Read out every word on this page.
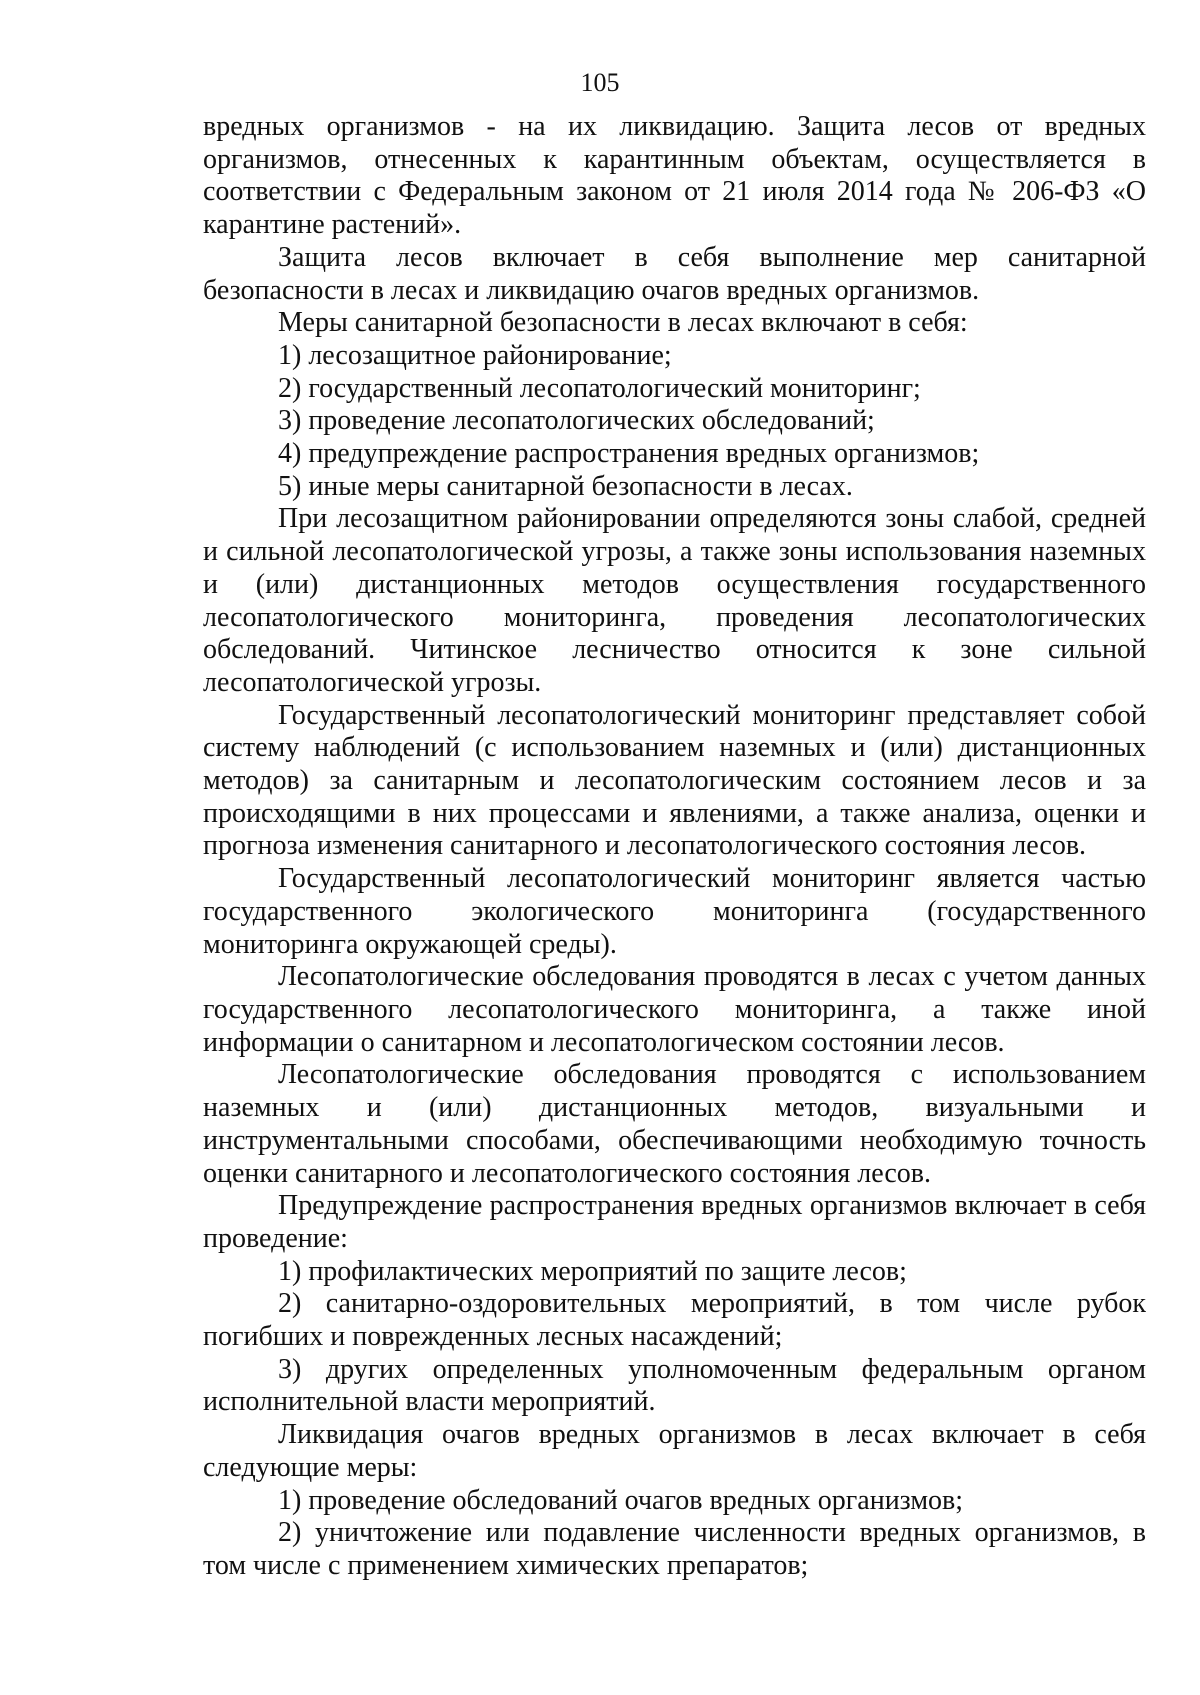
105

вредных организмов - на их ликвидацию. Защита лесов от вредных организмов, отнесенных к карантинным объектам, осуществляется в соответствии с Федеральным законом от 21 июля 2014 года № 206-ФЗ «О карантине растений».

Защита лесов включает в себя выполнение мер санитарной безопасности в лесах и ликвидацию очагов вредных организмов.

Меры санитарной безопасности в лесах включают в себя:

1) лесозащитное районирование;

2) государственный лесопатологический мониторинг;

3) проведение лесопатологических обследований;

4) предупреждение распространения вредных организмов;

5) иные меры санитарной безопасности в лесах.

При лесозащитном районировании определяются зоны слабой, средней и сильной лесопатологической угрозы, а также зоны использования наземных и (или) дистанционных методов осуществления государственного лесопатологического мониторинга, проведения лесопатологических обследований. Читинское лесничество относится к зоне сильной лесопатологической угрозы.

Государственный лесопатологический мониторинг представляет собой систему наблюдений (с использованием наземных и (или) дистанционных методов) за санитарным и лесопатологическим состоянием лесов и за происходящими в них процессами и явлениями, а также анализа, оценки и прогноза изменения санитарного и лесопатологического состояния лесов.

Государственный лесопатологический мониторинг является частью государственного экологического мониторинга (государственного мониторинга окружающей среды).

Лесопатологические обследования проводятся в лесах с учетом данных государственного лесопатологического мониторинга, а также иной информации о санитарном и лесопатологическом состоянии лесов.

Лесопатологические обследования проводятся с использованием наземных и (или) дистанционных методов, визуальными и инструментальными способами, обеспечивающими необходимую точность оценки санитарного и лесопатологического состояния лесов.

Предупреждение распространения вредных организмов включает в себя проведение:

1) профилактических мероприятий по защите лесов;

2) санитарно-оздоровительных мероприятий, в том числе рубок погибших и поврежденных лесных насаждений;

3) других определенных уполномоченным федеральным органом исполнительной власти мероприятий.

Ликвидация очагов вредных организмов в лесах включает в себя следующие меры:

1) проведение обследований очагов вредных организмов;

2) уничтожение или подавление численности вредных организмов, в том числе с применением химических препаратов;
